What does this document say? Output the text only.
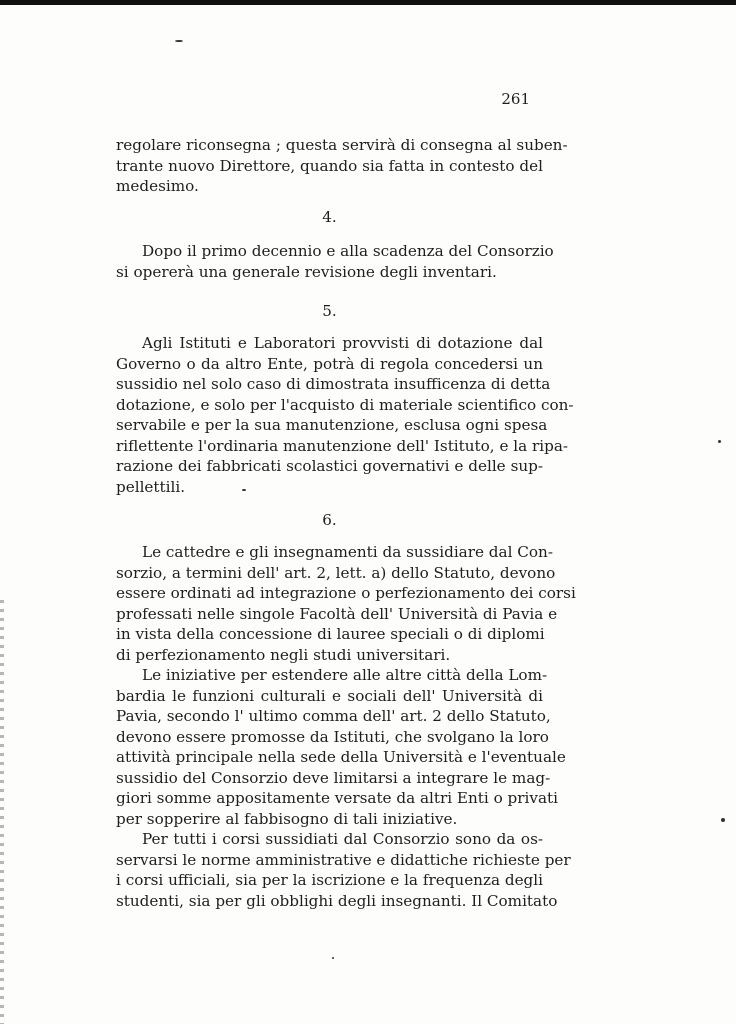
261
regolare riconsegna ; questa servirà di consegna al suben-
trante nuovo Direttore, quando sia fatta in contesto del
medesimo.
4.
Dopo il primo decennio e alla scadenza del Consorzio
si opererà una generale revisione degli inventari.
5.
Agli Istituti e Laboratori provvisti di dotazione dal
Governo o da altro Ente, potrà di regola concedersi un
sussidio nel solo caso di dimostrata insufficenza di detta
dotazione, e solo per l'acquisto di materiale scientifico con-
servabile e per la sua manutenzione, esclusa ogni spesa
riflettente l'ordinaria manutenzione dell' Istituto, e la ripa-
razione dei fabbricati scolastici governativi e delle sup-
pellettili.
6.
Le cattedre e gli insegnamenti da sussidiare dal Con-
sorzio, a termini dell' art. 2, lett. a) dello Statuto, devono
essere ordinati ad integrazione o perfezionamento dei corsi
professati nelle singole Facoltà dell' Università di Pavia e
in vista della concessione di lauree speciali o di diplomi
di perfezionamento negli studi universitari.
Le iniziative per estendere alle altre città della Lom-
bardia le funzioni culturali e sociali dell' Università di
Pavia, secondo l' ultimo comma dell' art. 2 dello Statuto,
devono essere promosse da Istituti, che svolgano la loro
attività principale nella sede della Università e l'eventuale
sussidio del Consorzio deve limitarsi a integrare le mag-
giori somme appositamente versate da altri Enti o privati
per sopperire al fabbisogno di tali iniziative.
Per tutti i corsi sussidiati dal Consorzio sono da os-
servarsi le norme amministrative e didattiche richieste per
i corsi ufficiali, sia per la iscrizione e la frequenza degli
studenti, sia per gli obblighi degli insegnanti. Il Comitato
